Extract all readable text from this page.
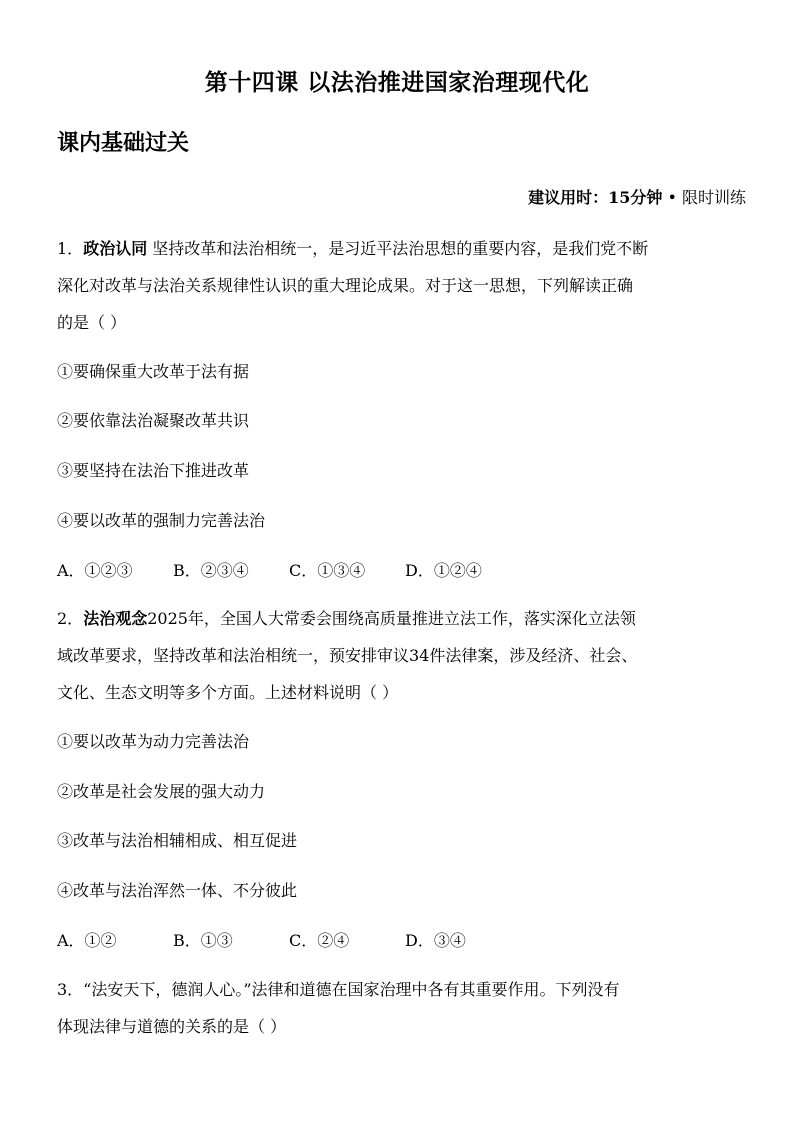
第十四课 以法治推进国家治理现代化
课内基础过关
建议用时：15分钟 • 限时训练
1．政治认同 坚持改革和法治相统一，是习近平法治思想的重要内容，是我们党不断
深化对改革与法治关系规律性认识的重大理论成果。对于这一思想，下列解读正确
的是（ ）
①要确保重大改革于法有据
②要依靠法治凝聚改革共识
③要坚持在法治下推进改革
④要以改革的强制力完善法治
A．①②③	B．②③④	C．①③④ D．①②④
2．法治观念2025年，全国人大常委会围绕高质量推进立法工作，落实深化立法领
域改革要求，坚持改革和法治相统一，预安排审议34件法律案，涉及经济、社会、
文化、生态文明等多个方面。上述材料说明（ ）
①要以改革为动力完善法治
②改革是社会发展的强大动力
③改革与法治相辅相成、相互促进
④改革与法治浑然一体、不分彼此
A．①②	B．①③	C．②④	D．③④
3．“法安天下，德润人心。”法律和道德在国家治理中各有其重要作用。下列没有
体现法律与道德的关系的是（ ）
